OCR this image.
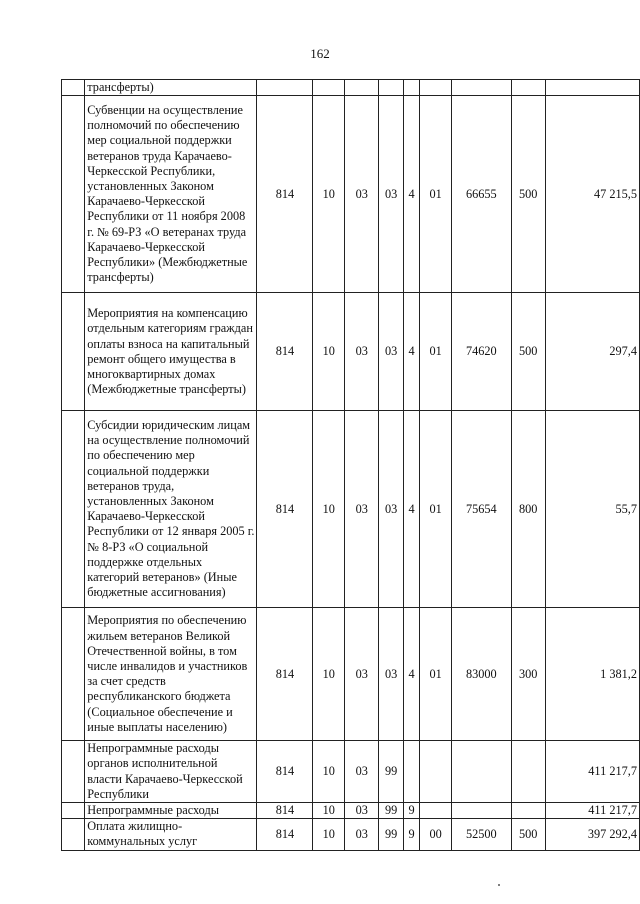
162
	трансферты)									
	Субвенции на осуществление полномочий по обеспечению мер социальной поддержки ветеранов труда Карачаево-Черкесской Республики, установленных Законом Карачаево-Черкесской Республики от 11 ноября 2008 г. № 69-РЗ «О ветеранах труда Карачаево-Черкесской Республики» (Межбюджетные трансферты)	814	10	03	03	4	01	66655	500	47 215,5
	Мероприятия на компенсацию отдельным категориям граждан оплаты взноса на капитальный ремонт общего имущества в многоквартирных домах (Межбюджетные трансферты)	814	10	03	03	4	01	74620	500	297,4
	Субсидии юридическим лицам на осуществление полномочий по обеспечению мер социальной поддержки ветеранов труда, установленных Законом Карачаево-Черкесской Республики от 12 января 2005 г. № 8-РЗ «О социальной поддержке отдельных категорий ветеранов» (Иные бюджетные ассигнования)	814	10	03	03	4	01	75654	800	55,7
	Мероприятия по обеспечению жильем ветеранов Великой Отечественной войны, в том числе инвалидов и участников за счет средств республиканского бюджета (Социальное обеспечение и иные выплаты населению)	814	10	03	03	4	01	83000	300	1 381,2
	Непрограммные расходы органов исполнительной власти Карачаево-Черкесской Республики	814	10	03	99					411 217,7
	Непрограммные расходы	814	10	03	99	9				411 217,7
	Оплата жилищно-коммунальных услуг	814	10	03	99	9	00	52500	500	397 292,4
